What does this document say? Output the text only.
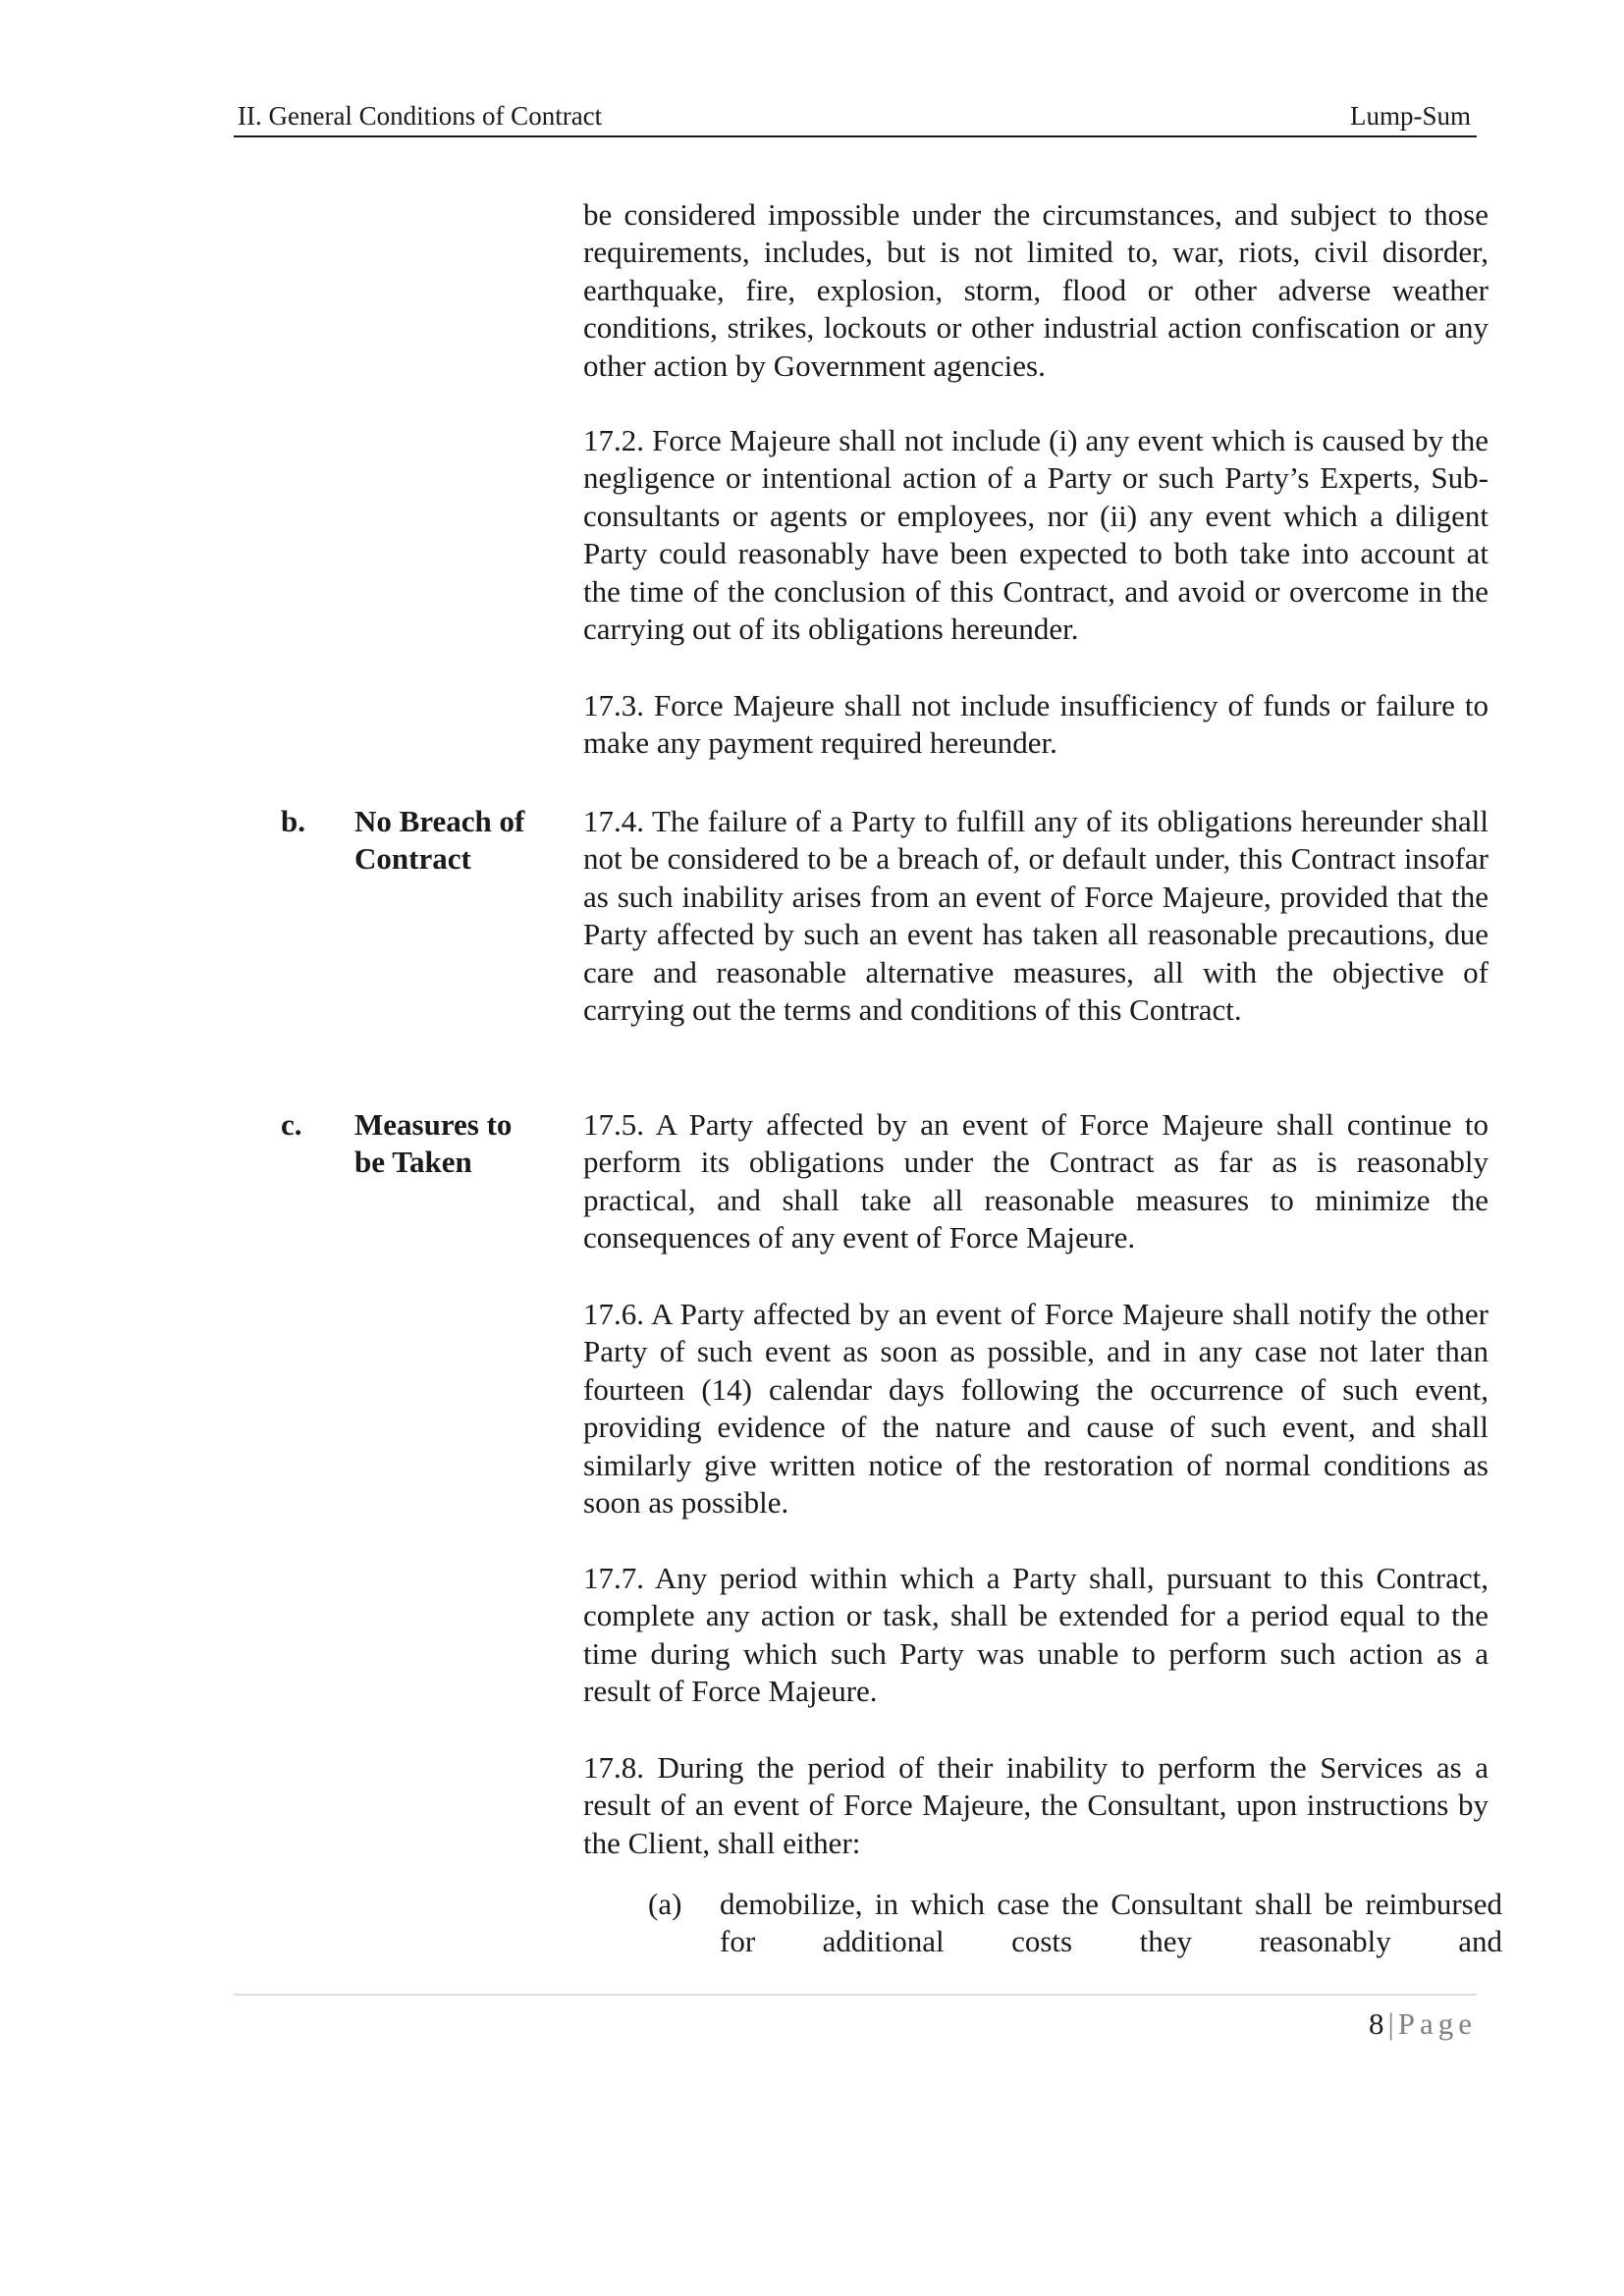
II. General Conditions of Contract	Lump-Sum
be considered impossible under the circumstances, and subject to those requirements, includes, but is not limited to, war, riots, civil disorder, earthquake, fire, explosion, storm, flood or other adverse weather conditions, strikes, lockouts or other industrial action confiscation or any other action by Government agencies.
17.2. Force Majeure shall not include (i) any event which is caused by the negligence or intentional action of a Party or such Party’s Experts, Sub-consultants or agents or employees, nor (ii) any event which a diligent Party could reasonably have been expected to both take into account at the time of the conclusion of this Contract, and avoid or overcome in the carrying out of its obligations hereunder.
17.3. Force Majeure shall not include insufficiency of funds or failure to make any payment required hereunder.
b. No Breach of
Contract
17.4. The failure of a Party to fulfill any of its obligations hereunder shall not be considered to be a breach of, or default under, this Contract insofar as such inability arises from an event of Force Majeure, provided that the Party affected by such an event has taken all reasonable precautions, due care and reasonable alternative measures, all with the objective of carrying out the terms and conditions of this Contract.
c. Measures to
be Taken
17.5. A Party affected by an event of Force Majeure shall continue to perform its obligations under the Contract as far as is reasonably practical, and shall take all reasonable measures to minimize the consequences of any event of Force Majeure.
17.6. A Party affected by an event of Force Majeure shall notify the other Party of such event as soon as possible, and in any case not later than fourteen (14) calendar days following the occurrence of such event, providing evidence of the nature and cause of such event, and shall similarly give written notice of the restoration of normal conditions as soon as possible.
17.7. Any period within which a Party shall, pursuant to this Contract, complete any action or task, shall be extended for a period equal to the time during which such Party was unable to perform such action as a result of Force Majeure.
17.8. During the period of their inability to perform the Services as a result of an event of Force Majeure, the Consultant, upon instructions by the Client, shall either:
(a) demobilize, in which case the Consultant shall be reimbursed for additional costs they reasonably and
8 | Page
